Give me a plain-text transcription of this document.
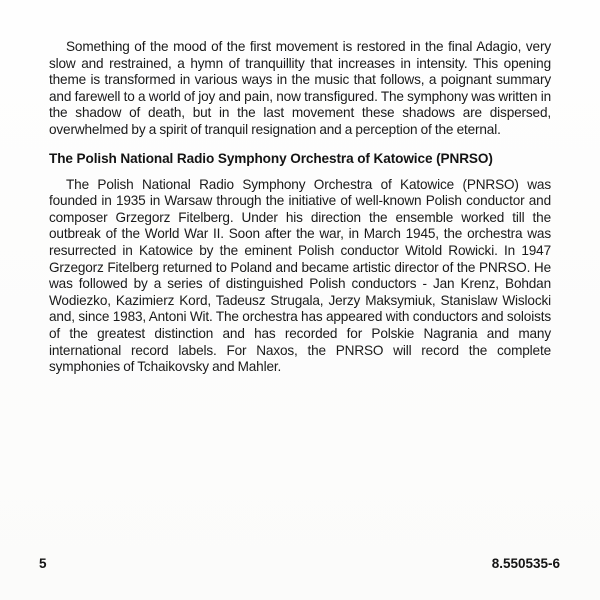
Something of the mood of the first movement is restored in the final Adagio, very slow and restrained, a hymn of tranquillity that increases in intensity. This opening theme is transformed in various ways in the music that follows, a poignant summary and farewell to a world of joy and pain, now transfigured. The symphony was written in the shadow of death, but in the last movement these shadows are dispersed, overwhelmed by a spirit of tranquil resignation and a perception of the eternal.

The Polish National Radio Symphony Orchestra of Katowice (PNRSO)

The Polish National Radio Symphony Orchestra of Katowice (PNRSO) was founded in 1935 in Warsaw through the initiative of well-known Polish conductor and composer Grzegorz Fitelberg. Under his direction the ensemble worked till the outbreak of the World War II. Soon after the war, in March 1945, the orchestra was resurrected in Katowice by the eminent Polish conductor Witold Rowicki. In 1947 Grzegorz Fitelberg returned to Poland and became artistic director of the PNRSO. He was followed by a series of distinguished Polish conductors - Jan Krenz, Bohdan Wodiezko, Kazimierz Kord, Tadeusz Strugala, Jerzy Maksymiuk, Stanislaw Wislocki and, since 1983, Antoni Wit. The orchestra has appeared with conductors and soloists of the greatest distinction and has recorded for Polskie Nagrania and many international record labels. For Naxos, the PNRSO will record the complete symphonies of Tchaikovsky and Mahler.

5	8.550535-6
